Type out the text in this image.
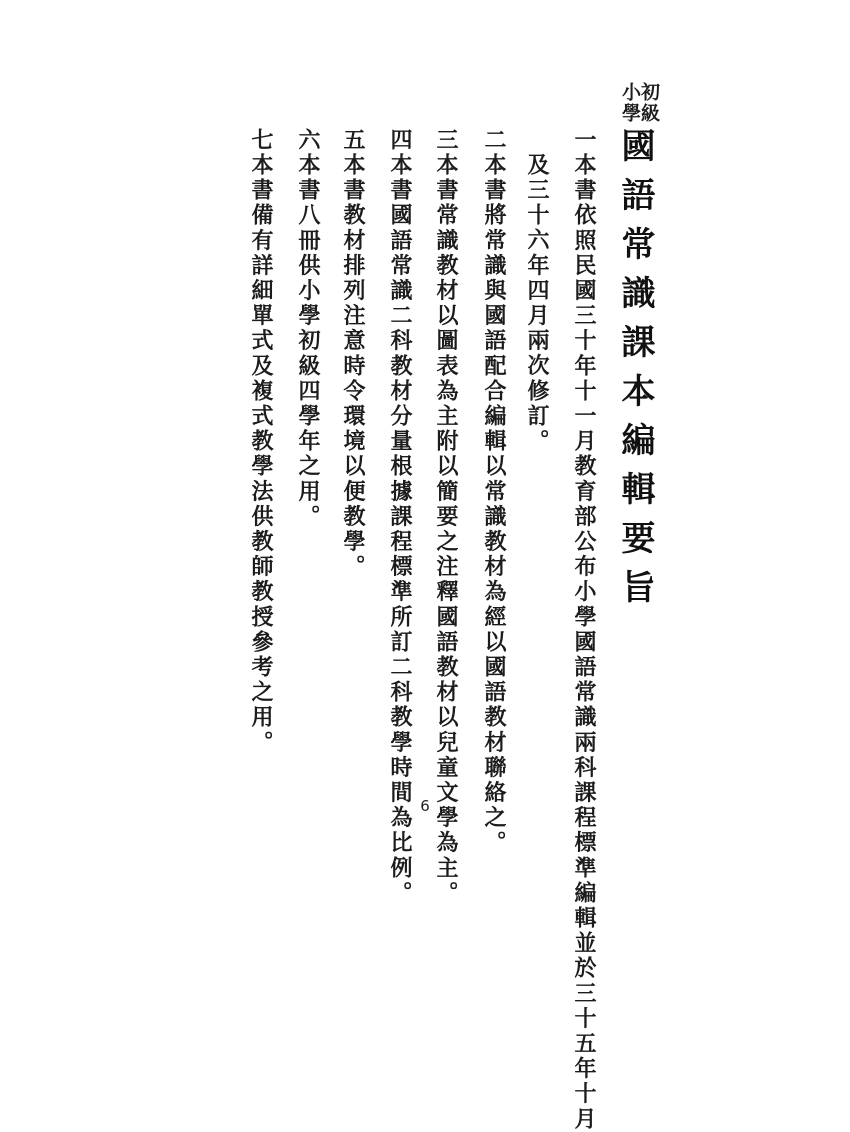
初級
小學
國語常識課本編輯要旨
一本書依照民國三十年十一月教育部公布小學國語常識兩科課程標準編輯並於三十五年十月
及三十六年四月兩次修訂。
二本書將常識與國語配合編輯以常識教材為經以國語教材聯絡之。
三本書常識教材以圖表為主附以簡要之注釋國語教材以兒童文學為主。
四本書國語常識二科教材分量根據課程標準所訂二科教學時間為比例。
五本書教材排列注意時令環境以便教學。
六本書八冊供小學初級四學年之用。
七本書備有詳細單式及複式教學法供教師教授參考之用。
6
